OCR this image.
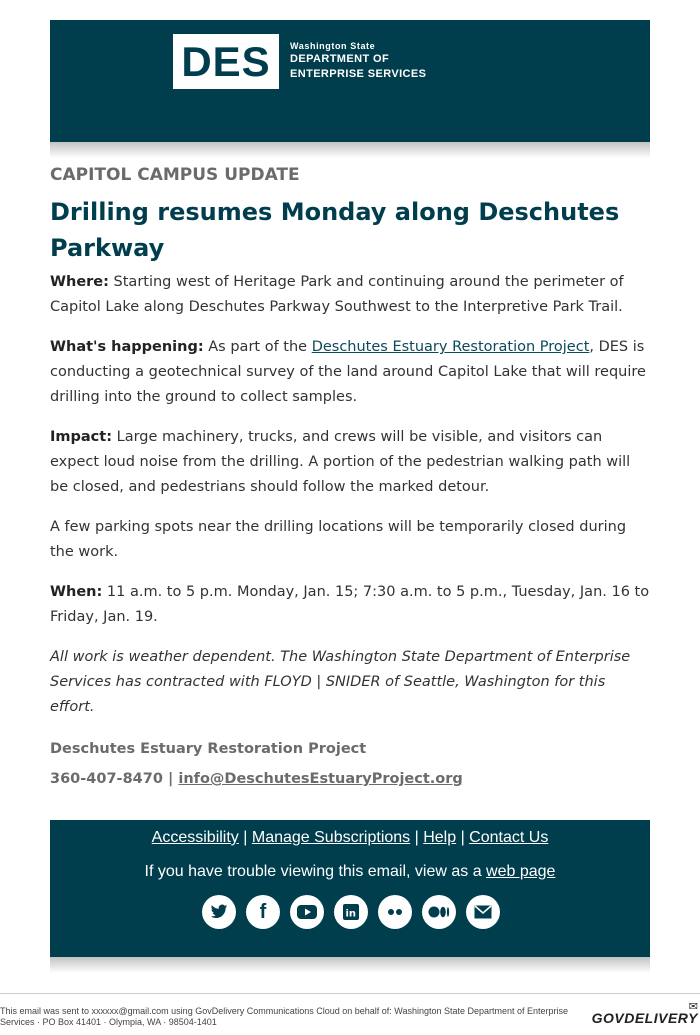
DES	Washington State
DEPARTMENT OF
ENTERPRISE SERVICES
CAPITOL CAMPUS UPDATE
Drilling resumes Monday along Deschutes Parkway

Where: Starting west of Heritage Park and continuing around the perimeter of Capitol Lake along Deschutes Parkway Southwest to the Interpretive Park Trail.

What's happening: As part of the Deschutes Estuary Restoration Project, DES is conducting a geotechnical survey of the land around Capitol Lake that will require drilling into the ground to collect samples.

Impact: Large machinery, trucks, and crews will be visible, and visitors can expect loud noise from the drilling. A portion of the pedestrian walking path will be closed, and pedestrians should follow the marked detour.

A few parking spots near the drilling locations will be temporarily closed during the work.

When: 11 a.m. to 5 p.m. Monday, Jan. 15; 7:30 a.m. to 5 p.m., Tuesday, Jan. 16 to Friday, Jan. 19.

All work is weather dependent. The Washington State Department of Enterprise Services has contracted with FLOYD | SNIDER of Seattle, Washington for this effort.

Deschutes Estuary Restoration Project
360-407-8470 | info@DeschutesEstuaryProject.org
Accessibility | Manage Subscriptions | Help | Contact Us
If you have trouble viewing this email, view as a web page
f	in
This email was sent to xxxxxx@gmail.com using GovDelivery Communications Cloud on behalf of: Washington State Department of Enterprise Services · PO Box 41401 · Olympia, WA · 98504-1401
✉
GOVDELIVERY
